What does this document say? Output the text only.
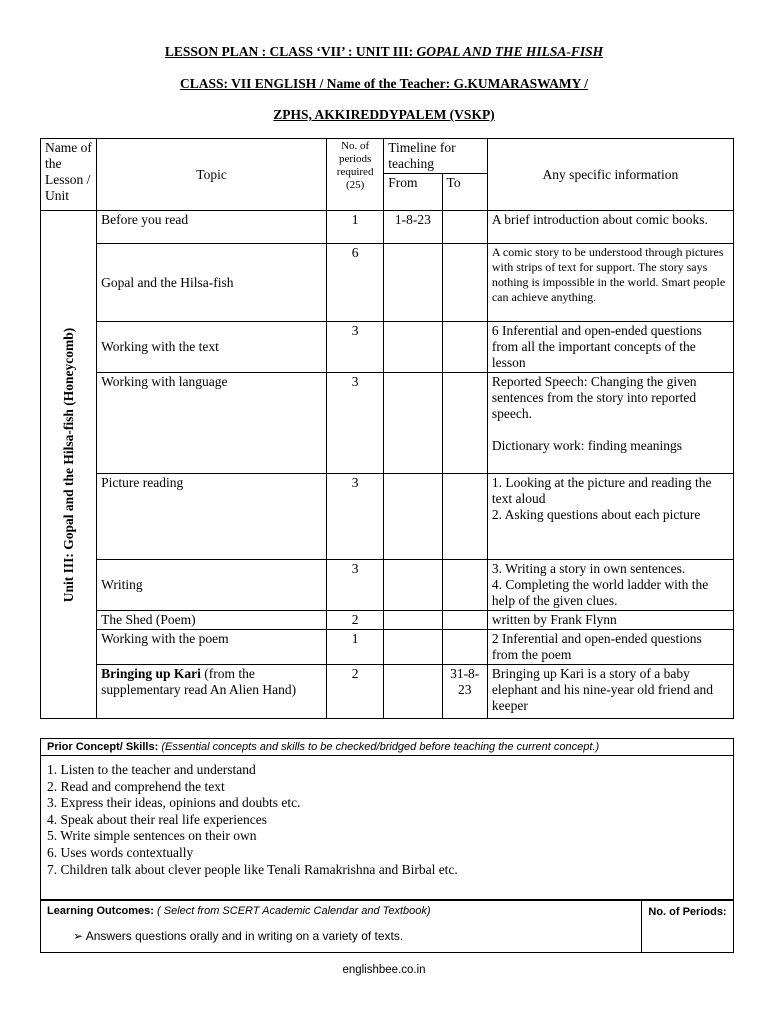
LESSON PLAN : CLASS ‘VII’ : UNIT III: GOPAL AND THE HILSA-FISH
CLASS: VII ENGLISH / Name of the Teacher: G.KUMARASWAMY /
ZPHS, AKKIREDDYPALEM (VSKP)
Name of the Lesson / Unit	Topic	No. of periods required (25)	Timeline for teaching		Any specific information
			From	To	

Unit III: Gopal and the Hilsa-fish (Honeycomb)	Before you read	1	1-8-23		A brief introduction about comic books.
	Gopal and the Hilsa-fish	6			A comic story to be understood through pictures with strips of text for support. The story says nothing is impossible in the world. Smart people can achieve anything.
	Working with the text	3			6 Inferential and open-ended questions from all the important concepts of the lesson
	Working with language	3			Reported Speech: Changing the given sentences from the story into reported speech.
Dictionary work: finding meanings

	Picture reading	3			1. Looking at the picture and reading the text aloud
2. Asking questions about each picture

	Writing	3			3. Writing a story in own sentences.
4. Completing the world ladder with the help of the given clues.

	The Shed (Poem)	2			written by Frank Flynn
	Working with the poem	1			2 Inferential and open-ended questions from the poem
	Bringing up Kari (from the supplementary read An Alien Hand)	2		31-8-23	Bringing up Kari is a story of a baby elephant and his nine-year old friend and keeper
Prior Concept/ Skills: (Essential concepts and skills to be checked/bridged before teaching the current concept.)
1. Listen to the teacher and understand
2. Read and comprehend the text
3. Express their ideas, opinions and doubts etc.
4. Speak about their real life experiences
5. Write simple sentences on their own
6. Uses words contextually
7. Children talk about clever people like Tenali Ramakrishna and Birbal etc.
Learning Outcomes: ( Select from SCERT Academic Calendar and Textbook)
➢ Answers questions orally and in writing on a variety of texts.
No. of Periods:
englishbee.co.in
